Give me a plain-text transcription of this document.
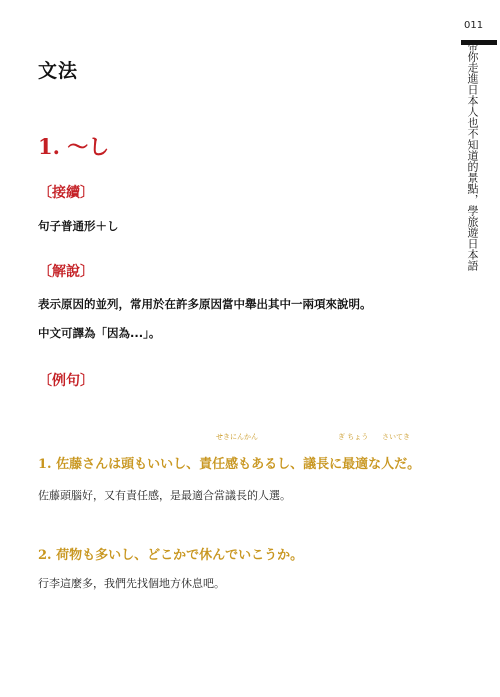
011
帶你走進日本人也不知道的景點，學旅遊日本語
文法
1. ～し
〔接續〕
句子普通形＋し
〔解說〕
表示原因的並列，常用於在許多原因當中舉出其中一兩項來說明。
中文可譯為「因為...」。
〔例句〕
せきにんかん	ぎ ちょう さいてき
1. 佐藤さんは頭もいいし、責任感もあるし、議長に最適な人だ。
佐藤頭腦好，又有責任感，是最適合當議長的人選。
2. 荷物も多いし、どこかで休んでいこうか。
行李這麼多，我們先找個地方休息吧。
